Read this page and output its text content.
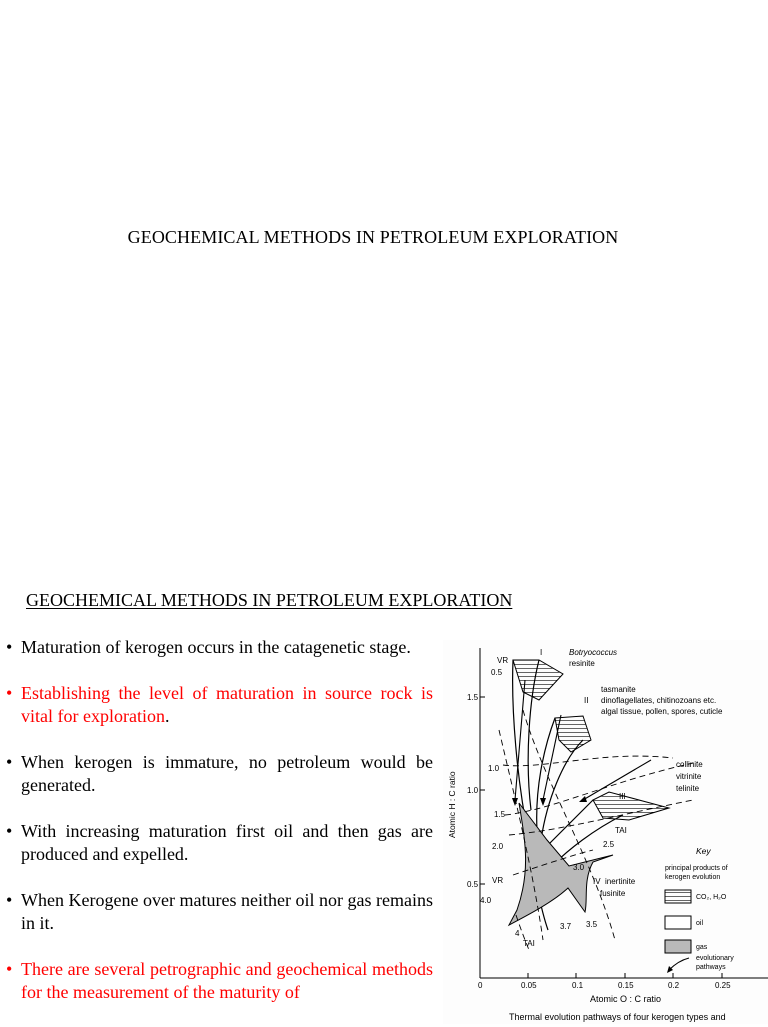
GEOCHEMICAL METHODS IN PETROLEUM EXPLORATION
GEOCHEMICAL METHODS IN PETROLEUM EXPLORATION
• Maturation of kerogen occurs in the catagenetic stage.
• Establishing the level of maturation in source rock is vital for exploration.
• When kerogen is immature, no petroleum would be generated.
• With increasing maturation first oil and then gas are produced and expelled.
• When Kerogene over matures neither oil nor gas remains in it.
• There are several petrographic and geochemical methods for the measurement of the maturity of
1.5
1.0
0.5
0	0.05	0.1	0.15	0.2	0.25
Atomic H : C ratio
Atomic O : C ratio
Thermal evolution pathways of four kerogen types and
VR
0.5
I	Botryococcus
resinite
tasmanite
dinoflagellates, chitinozoans etc.
algal tissue, pollen, spores, cuticle
II
1.0	collinite
vitrinite
telinite
III
1.5
TAI
2.5
2.0
3.0
VR	IV inertinite
fusinite
4.0
4
3.7 3.5
TAI
Key
principal products of
kerogen evolution
CO₂, H₂O
oil
gas
evolutionary
pathways
